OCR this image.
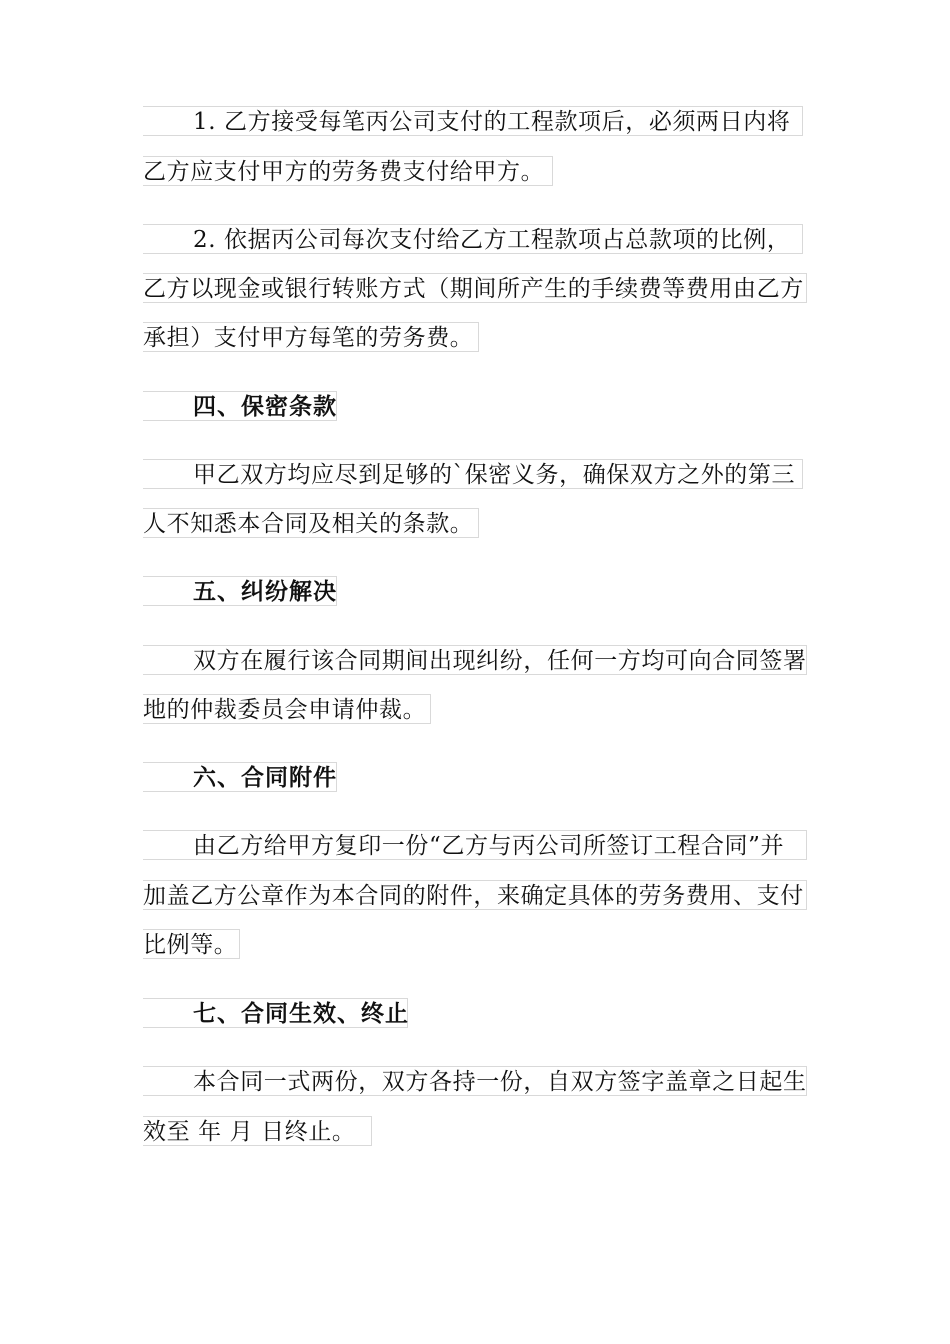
1. 乙方接受每笔丙公司支付的工程款项后，必须两日内将
乙方应支付甲方的劳务费支付给甲方。
2. 依据丙公司每次支付给乙方工程款项占总款项的比例，
乙方以现金或银行转账方式（期间所产生的手续费等费用由乙方
承担）支付甲方每笔的劳务费。
四、保密条款
甲乙双方均应尽到足够的`保密义务，确保双方之外的第三
人不知悉本合同及相关的条款。
五、纠纷解决
双方在履行该合同期间出现纠纷，任何一方均可向合同签署
地的仲裁委员会申请仲裁。
六、合同附件
由乙方给甲方复印一份“乙方与丙公司所签订工程合同”并
加盖乙方公章作为本合同的附件，来确定具体的劳务费用、支付
比例等。
七、合同生效、终止
本合同一式两份，双方各持一份，自双方签字盖章之日起生
效至 年 月 日终止。
